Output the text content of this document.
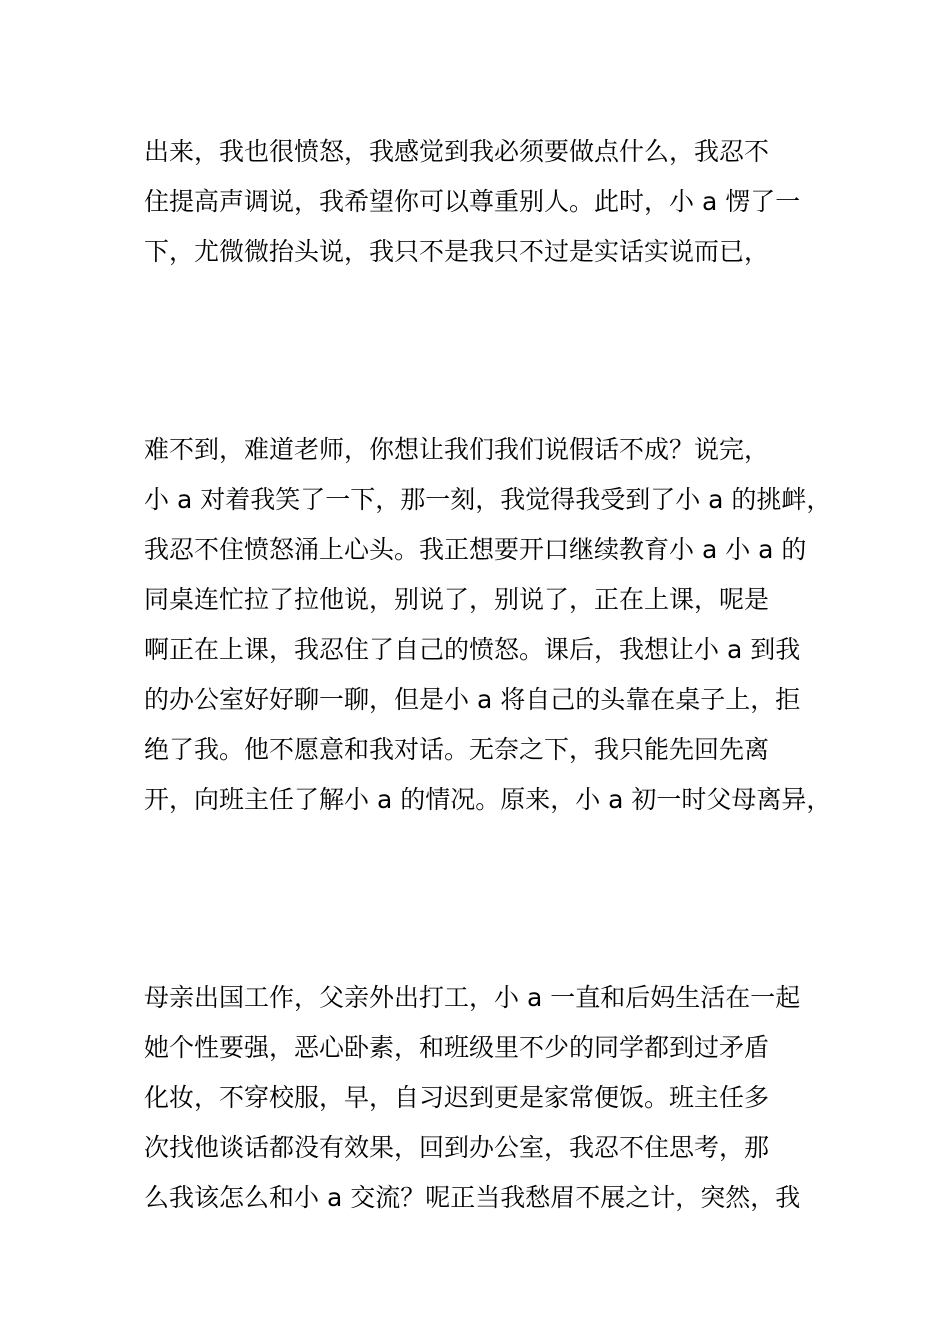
出来，我也很愤怒，我感觉到我必须要做点什么，我忍不
住提高声调说，我希望你可以尊重别人。此时，小 a 愣了一
下，尤微微抬头说，我只不是我只不过是实话实说而已，
难不到，难道老师，你想让我们我们说假话不成？说完，
小 a 对着我笑了一下，那一刻，我觉得我受到了小 a 的挑衅，
我忍不住愤怒涌上心头。我正想要开口继续教育小 a 小 a 的
同桌连忙拉了拉他说，别说了，别说了，正在上课，呢是
啊正在上课，我忍住了自己的愤怒。课后，我想让小 a 到我
的办公室好好聊一聊，但是小 a 将自己的头靠在桌子上，拒
绝了我。他不愿意和我对话。无奈之下，我只能先回先离
开，向班主任了解小 a 的情况。原来，小 a 初一时父母离异，
母亲出国工作，父亲外出打工，小 a 一直和后妈生活在一起
她个性要强，恶心卧素，和班级里不少的同学都到过矛盾
化妆，不穿校服，早，自习迟到更是家常便饭。班主任多
次找他谈话都没有效果，回到办公室，我忍不住思考，那
么我该怎么和小 a 交流？呢正当我愁眉不展之计，突然，我
